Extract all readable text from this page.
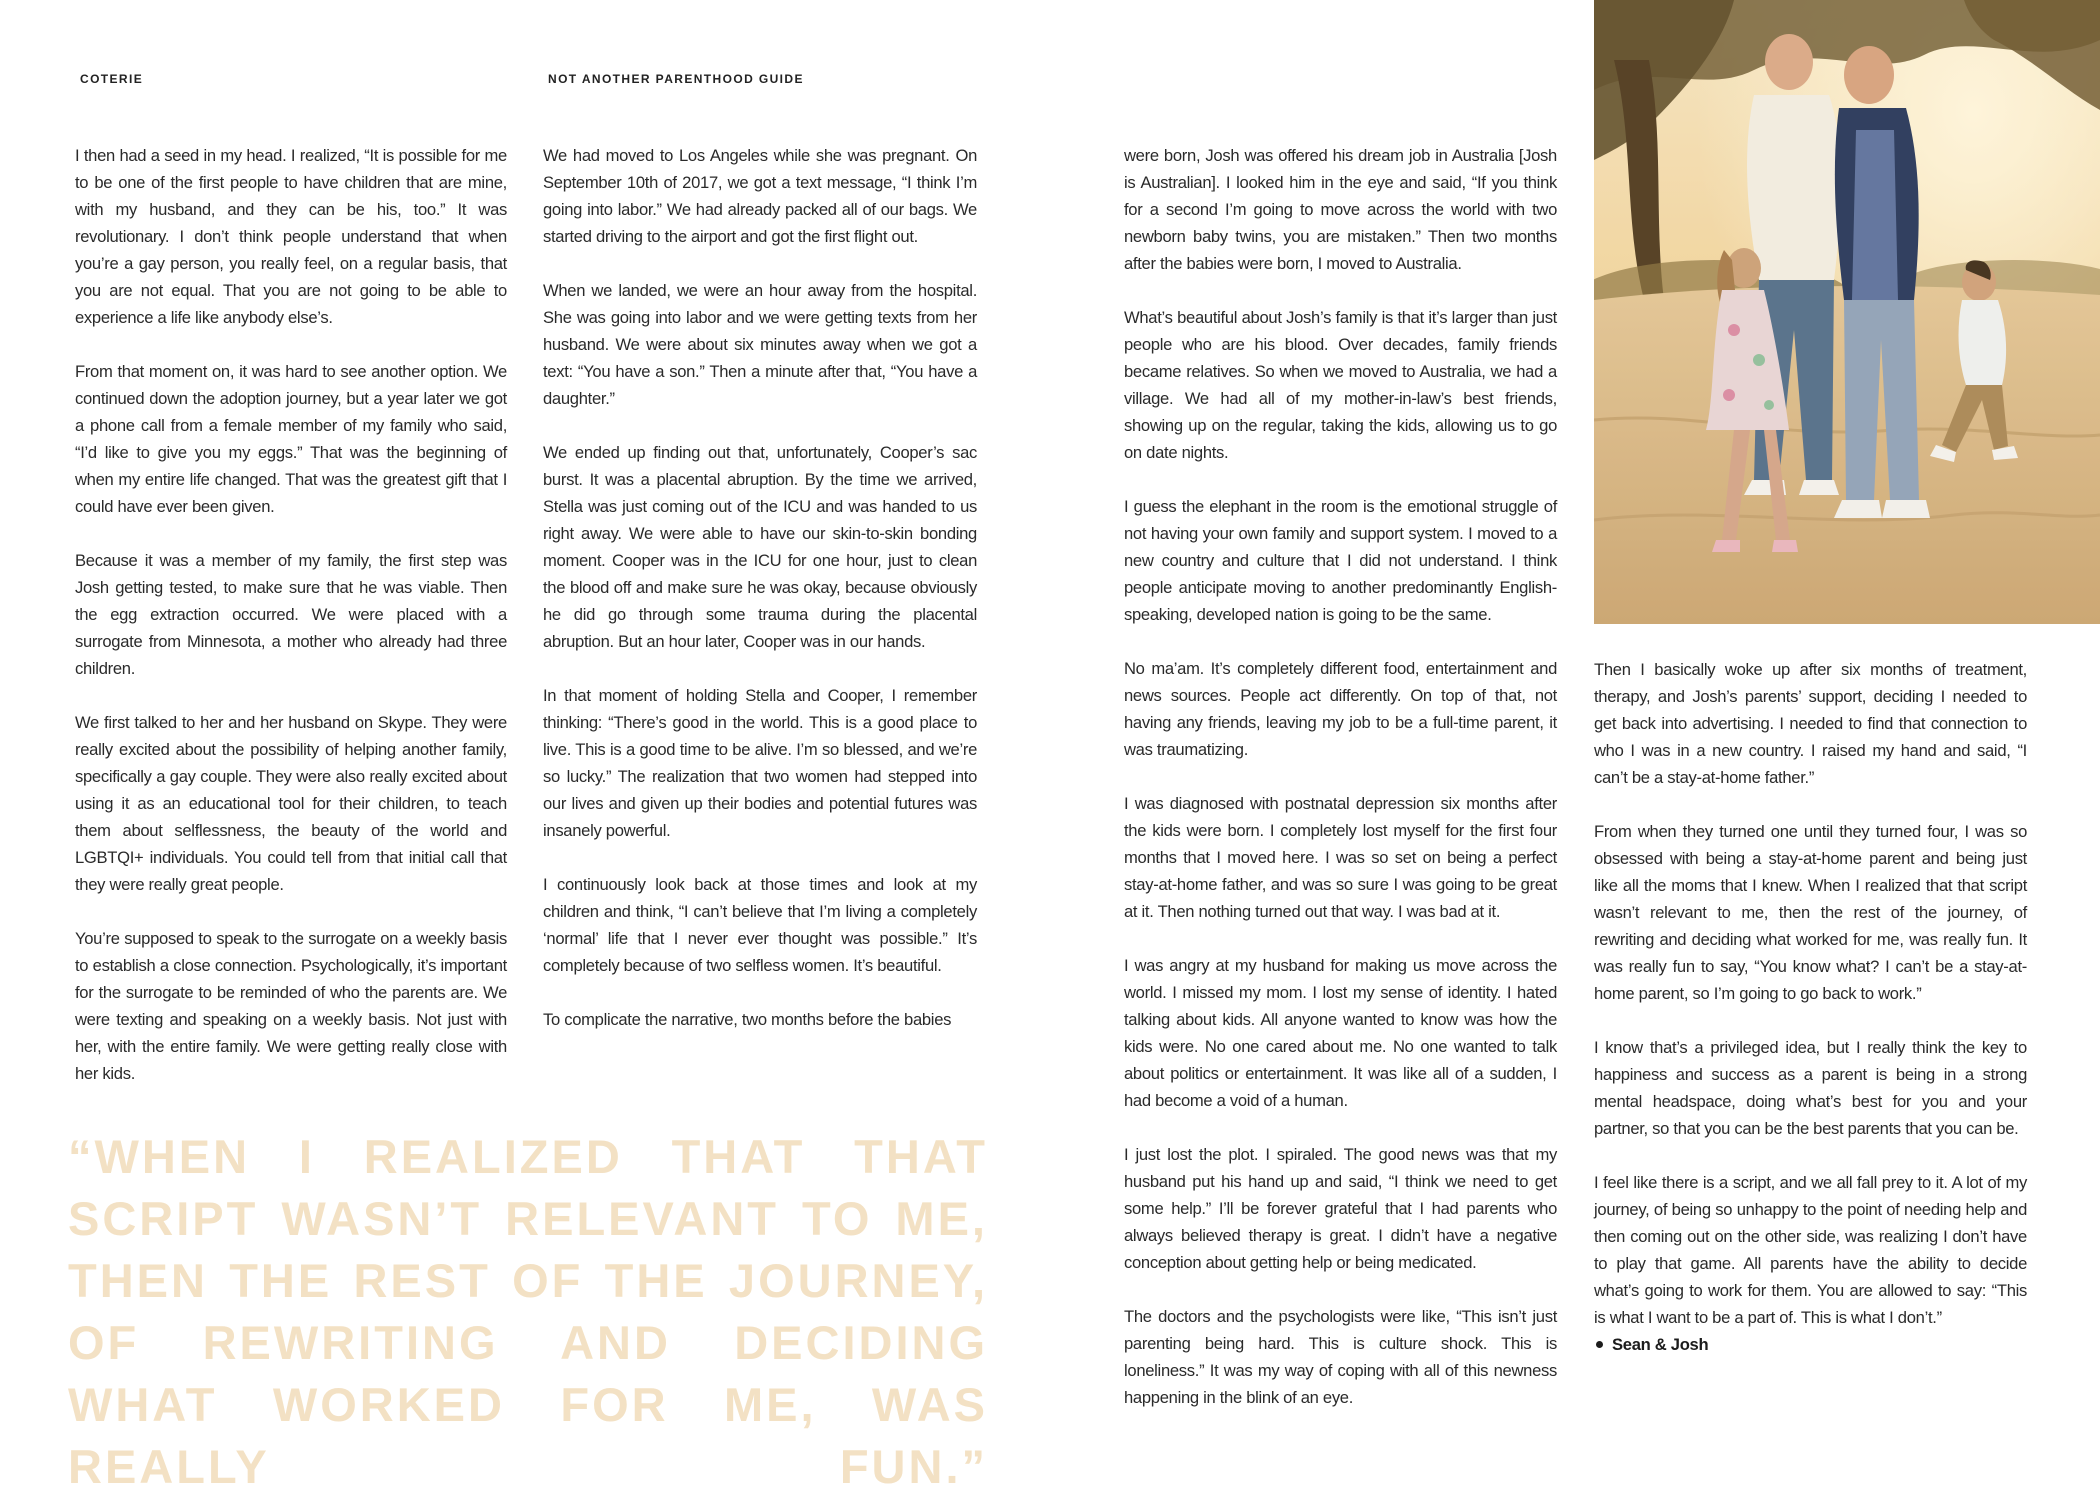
COTERIE	NOT ANOTHER PARENTHOOD GUIDE

I then had a seed in my head. I realized, “It is possible for me to be one of the first people to have children that are mine, with my husband, and they can be his, too.” It was revolutionary. I don’t think people understand that when you’re a gay person, you really feel, on a regular basis, that you are not equal. That you are not going to be able to experience a life like anybody else’s.

From that moment on, it was hard to see another option. We continued down the adoption journey, but a year later we got a phone call from a female member of my family who said, “I’d like to give you my eggs.” That was the beginning of when my entire life changed. That was the greatest gift that I could have ever been given.

Because it was a member of my family, the first step was Josh getting tested, to make sure that he was viable. Then the egg extraction occurred. We were placed with a surrogate from Minnesota, a mother who already had three children.

We first talked to her and her husband on Skype. They were really excited about the possibility of helping another family, specifically a gay couple. They were also really excited about using it as an educational tool for their children, to teach them about selflessness, the beauty of the world and LGBTQI+ individuals. You could tell from that initial call that they were really great people.

You’re supposed to speak to the surrogate on a weekly basis to establish a close connection. Psychologically, it’s important for the surrogate to be reminded of who the parents are. We were texting and speaking on a weekly basis. Not just with her, with the entire family. We were getting really close with her kids.

We had moved to Los Angeles while she was pregnant. On September 10th of 2017, we got a text message, “I think I’m going into labor.” We had already packed all of our bags. We started driving to the airport and got the first flight out.

When we landed, we were an hour away from the hospital. She was going into labor and we were getting texts from her husband. We were about six minutes away when we got a text: “You have a son.” Then a minute after that, “You have a daughter.”

We ended up finding out that, unfortunately, Cooper’s sac burst. It was a placental abruption. By the time we arrived, Stella was just coming out of the ICU and was handed to us right away. We were able to have our skin-to-skin bonding moment. Cooper was in the ICU for one hour, just to clean the blood off and make sure he was okay, because obviously he did go through some trauma during the placental abruption. But an hour later, Cooper was in our hands.

In that moment of holding Stella and Cooper, I remember thinking: “There’s good in the world. This is a good place to live. This is a good time to be alive. I’m so blessed, and we’re so lucky.” The realization that two women had stepped into our lives and given up their bodies and potential futures was insanely powerful.

I continuously look back at those times and look at my children and think, “I can’t believe that I’m living a completely ‘normal’ life that I never ever thought was possible.” It’s completely because of two selfless women. It’s beautiful.

To complicate the narrative, two months before the babies

“WHEN I REALIZED THAT THAT SCRIPT WASN’T RELEVANT TO ME, THEN THE REST OF THE JOURNEY, OF REWRITING AND DECIDING WHAT WORKED FOR ME, WAS REALLY FUN.”

were born, Josh was offered his dream job in Australia [Josh is Australian]. I looked him in the eye and said, “If you think for a second I’m going to move across the world with two newborn baby twins, you are mistaken.” Then two months after the babies were born, I moved to Australia.

What’s beautiful about Josh’s family is that it’s larger than just people who are his blood. Over decades, family friends became relatives. So when we moved to Australia, we had a village. We had all of my mother-in-law’s best friends, showing up on the regular, taking the kids, allowing us to go on date nights.

I guess the elephant in the room is the emotional struggle of not having your own family and support system. I moved to a new country and culture that I did not understand. I think people anticipate moving to another predominantly English-speaking, developed nation is going to be the same.

No ma’am. It’s completely different food, entertainment and news sources. People act differently. On top of that, not having any friends, leaving my job to be a full-time parent, it was traumatizing.

I was diagnosed with postnatal depression six months after the kids were born. I completely lost myself for the first four months that I moved here. I was so set on being a perfect stay-at-home father, and was so sure I was going to be great at it. Then nothing turned out that way. I was bad at it.

I was angry at my husband for making us move across the world. I missed my mom. I lost my sense of identity. I hated talking about kids. All anyone wanted to know was how the kids were. No one cared about me. No one wanted to talk about politics or entertainment. It was like all of a sudden, I had become a void of a human.

I just lost the plot. I spiraled. The good news was that my husband put his hand up and said, “I think we need to get some help.” I’ll be forever grateful that I had parents who always believed therapy is great. I didn’t have a negative conception about getting help or being medicated.

The doctors and the psychologists were like, “This isn’t just parenting being hard. This is culture shock. This is loneliness.” It was my way of coping with all of this newness happening in the blink of an eye.

Then I basically woke up after six months of treatment, therapy, and Josh’s parents’ support, deciding I needed to get back into advertising. I needed to find that connection to who I was in a new country. I raised my hand and said, “I can’t be a stay-at-home father.”

From when they turned one until they turned four, I was so obsessed with being a stay-at-home parent and being just like all the moms that I knew. When I realized that that script wasn’t relevant to me, then the rest of the journey, of rewriting and deciding what worked for me, was really fun. It was really fun to say, “You know what? I can’t be a stay-at-home parent, so I’m going to go back to work.”

I know that’s a privileged idea, but I really think the key to happiness and success as a parent is being in a strong mental headspace, doing what’s best for you and your partner, so that you can be the best parents that you can be.

I feel like there is a script, and we all fall prey to it. A lot of my journey, of being so unhappy to the point of needing help and then coming out on the other side, was realizing I don’t have to play that game. All parents have the ability to decide what’s going to work for them. You are allowed to say: “This is what I want to be a part of. This is what I don’t.”

Sean & Josh
